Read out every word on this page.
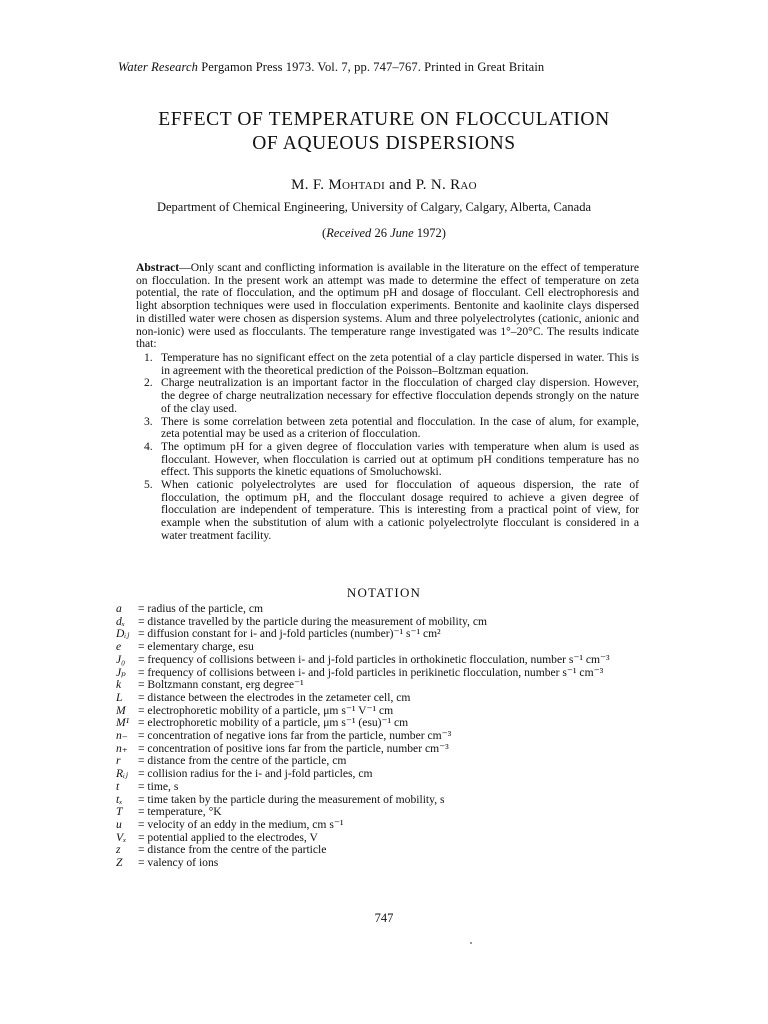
Water Research Pergamon Press 1973. Vol. 7, pp. 747–767. Printed in Great Britain
EFFECT OF TEMPERATURE ON FLOCCULATION
OF AQUEOUS DISPERSIONS
M. F. Mohtadi and P. N. Rao
Department of Chemical Engineering, University of Calgary, Calgary, Alberta, Canada
(Received 26 June 1972)

Abstract—Only scant and conflicting information is available in the literature on the effect of temperature on flocculation. In the present work an attempt was made to determine the effect of temperature on zeta potential, the rate of flocculation, and the optimum pH and dosage of flocculant. Cell electrophoresis and light absorption techniques were used in flocculation experiments. Bentonite and kaolinite clays dispersed in distilled water were chosen as dispersion systems. Alum and three polyelectrolytes (cationic, anionic and non-ionic) were used as flocculants. The temperature range investigated was 1°–20°C. The results indicate that:

1. Temperature has no significant effect on the zeta potential of a clay particle dispersed in water. This is in agreement with the theoretical prediction of the Poisson–Boltzman equation.
2. Charge neutralization is an important factor in the flocculation of charged clay dispersion. However, the degree of charge neutralization necessary for effective flocculation depends strongly on the nature of the clay used.
3. There is some correlation between zeta potential and flocculation. In the case of alum, for example, zeta potential may be used as a criterion of flocculation.
4. The optimum pH for a given degree of flocculation varies with temperature when alum is used as flocculant. However, when flocculation is carried out at optimum pH conditions temperature has no effect. This supports the kinetic equations of Smoluchowski.
5. When cationic polyelectrolytes are used for flocculation of aqueous dispersion, the rate of flocculation, the optimum pH, and the flocculant dosage required to achieve a given degree of flocculation are independent of temperature. This is interesting from a practical point of view, for example when the substitution of alum with a cationic polyelectrolyte flocculant is considered in a water treatment facility.
NOTATION
a	= radius of the particle, cm
dₓ	= distance travelled by the particle during the measurement of mobility, cm
Dᵢⱼ = diffusion constant for i- and j-fold particles (number)⁻¹ s⁻¹ cm²
e	= elementary charge, esu
J₀	= frequency of collisions between i- and j-fold particles in orthokinetic flocculation, number s⁻¹ cm⁻³
Jₚ	= frequency of collisions between i- and j-fold particles in perikinetic flocculation, number s⁻¹ cm⁻³
k	= Boltzmann constant, erg degree⁻¹
L	= distance between the electrodes in the zetameter cell, cm
M	= electrophoretic mobility of a particle, μm s⁻¹ V⁻¹ cm
M¹ = electrophoretic mobility of a particle, μm s⁻¹ (esu)⁻¹ cm
n₋ = concentration of negative ions far from the particle, number cm⁻³
n₊ = concentration of positive ions far from the particle, number cm⁻³
r	= distance from the centre of the particle, cm
Rᵢⱼ = collision radius for the i- and j-fold particles, cm
t	= time, s
tₓ	= time taken by the particle during the measurement of mobility, s
T	= temperature, °K
u	= velocity of an eddy in the medium, cm s⁻¹
Vₓ	= potential applied to the electrodes, V
z	= distance from the centre of the particle
Z	= valency of ions
747
